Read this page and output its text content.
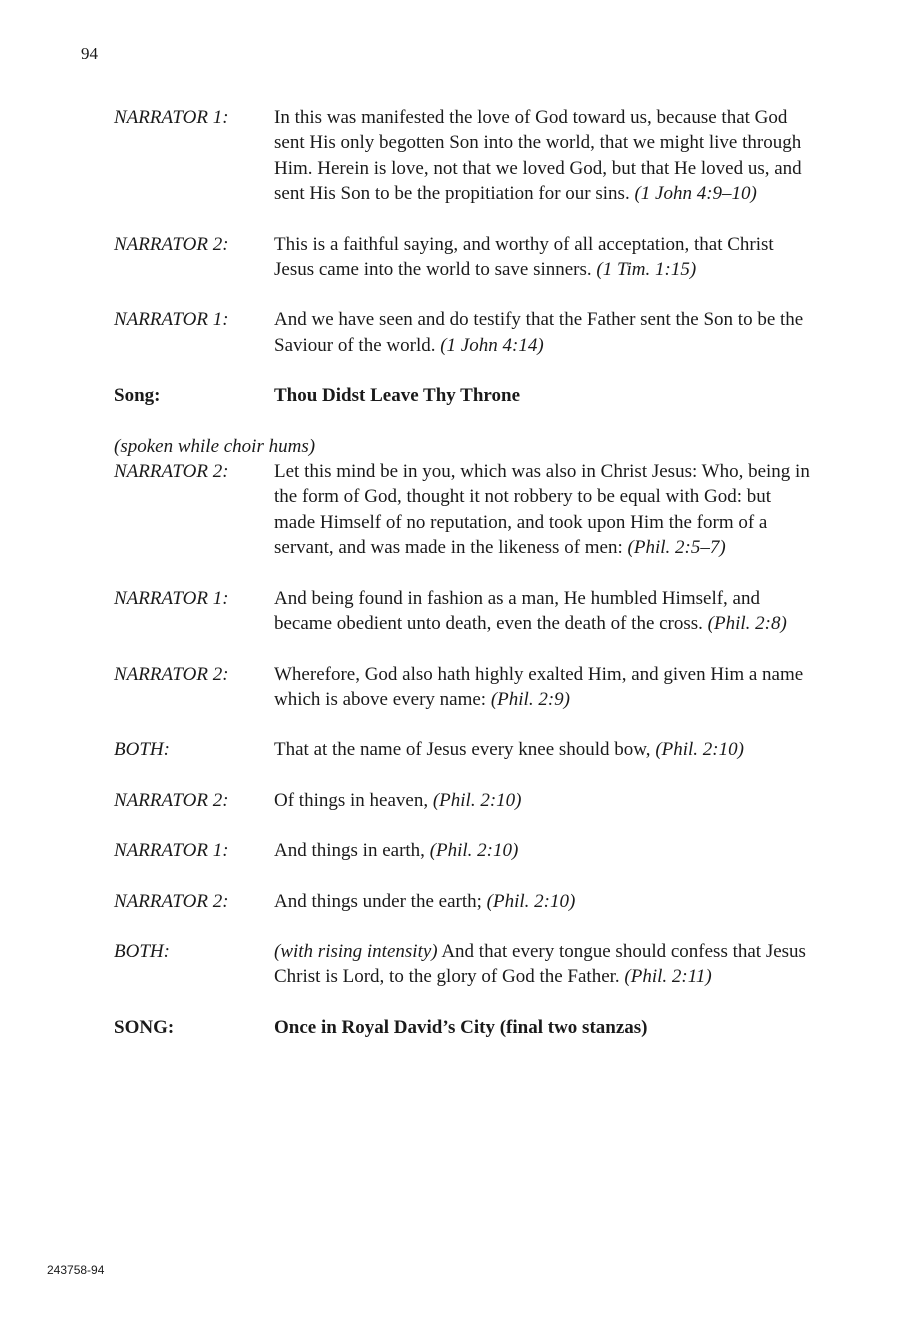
94
NARRATOR 1:	In this was manifested the love of God toward us, because that God sent His only begotten Son into the world, that we might live through Him. Herein is love, not that we loved God, but that He loved us, and sent His Son to be the propitiation for our sins. (1 John 4:9–10)
NARRATOR 2:	This is a faithful saying, and worthy of all acceptation, that Christ Jesus came into the world to save sinners. (1 Tim. 1:15)
NARRATOR 1:	And we have seen and do testify that the Father sent the Son to be the Saviour of the world. (1 John 4:14)
Song:	Thou Didst Leave Thy Throne
(spoken while choir hums)
NARRATOR 2:	Let this mind be in you, which was also in Christ Jesus: Who, being in the form of God, thought it not robbery to be equal with God: but made Himself of no reputation, and took upon Him the form of a servant, and was made in the likeness of men: (Phil. 2:5–7)
NARRATOR 1:	And being found in fashion as a man, He humbled Himself, and became obedient unto death, even the death of the cross. (Phil. 2:8)
NARRATOR 2:	Wherefore, God also hath highly exalted Him, and given Him a name which is above every name: (Phil. 2:9)
BOTH:	That at the name of Jesus every knee should bow, (Phil. 2:10)
NARRATOR 2:	Of things in heaven, (Phil. 2:10)
NARRATOR 1:	And things in earth, (Phil. 2:10)
NARRATOR 2:	And things under the earth; (Phil. 2:10)
BOTH:	(with rising intensity) And that every tongue should confess that Jesus Christ is Lord, to the glory of God the Father. (Phil. 2:11)
SONG:	Once in Royal David’s City (final two stanzas)
243758-94
